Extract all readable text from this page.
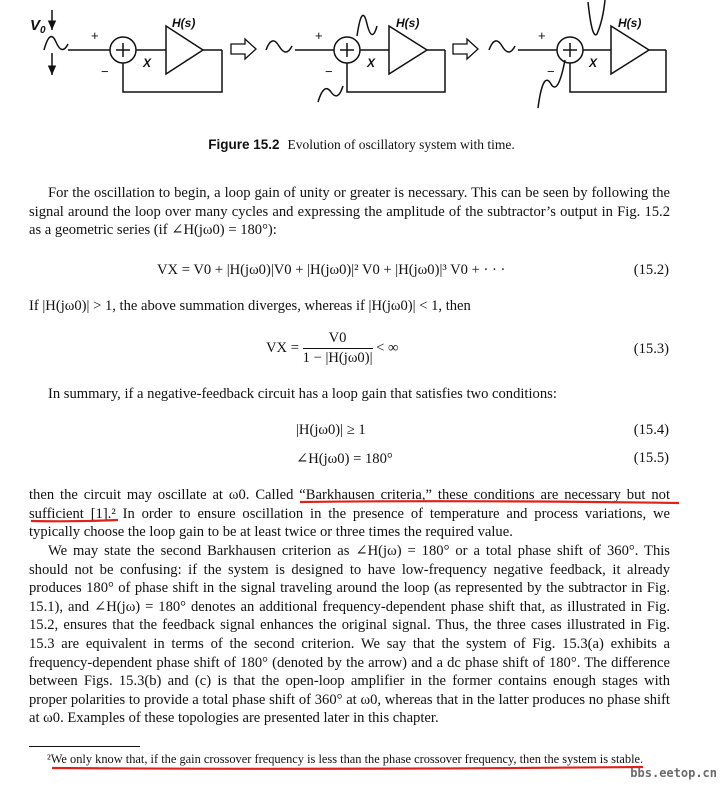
$V_0$	+
−
X
H(s)
+
−
X
H(s)
+
−
X
H(s)
Figure 15.2 Evolution of oscillatory system with time.
For the oscillation to begin, a loop gain of unity or greater is necessary. This can be seen by following the signal around the loop over many cycles and expressing the amplitude of the subtractor’s output in Fig. 15.2 as a geometric series (if ∠H(jω0) = 180°):
VX = V0 + |H(jω0)|V0 + |H(jω0)|² V0 + |H(jω0)|³ V0 + · · ·	(15.2)
If |H(jω0)| > 1, the above summation diverges, whereas if |H(jω0)| < 1, then
VX = $\frac{V0}{1 - |H(j\omega 0)|}$ < ∞	(15.3)
In summary, if a negative-feedback circuit has a loop gain that satisfies two conditions:
|H(jω0)| ≥ 1	(15.4)
∠H(jω0) = 180°	(15.5)
then the circuit may oscillate at ω0. Called “Barkhausen criteria,” these conditions are necessary but not sufficient [1].² In order to ensure oscillation in the presence of temperature and process variations, we typically choose the loop gain to be at least twice or three times the required value.
We may state the second Barkhausen criterion as ∠H(jω) = 180° or a total phase shift of 360°. This should not be confusing: if the system is designed to have low-frequency negative feedback, it already produces 180° of phase shift in the signal traveling around the loop (as represented by the subtractor in Fig. 15.1), and ∠H(jω) = 180° denotes an additional frequency-dependent phase shift that, as illustrated in Fig. 15.2, ensures that the feedback signal enhances the original signal. Thus, the three cases illustrated in Fig. 15.3 are equivalent in terms of the second criterion. We say that the system of Fig. 15.3(a) exhibits a frequency-dependent phase shift of 180° (denoted by the arrow) and a dc phase shift of 180°. The difference between Figs. 15.3(b) and (c) is that the open-loop amplifier in the former contains enough stages with proper polarities to provide a total phase shift of 360° at ω0, whereas that in the latter produces no phase shift at ω0. Examples of these topologies are presented later in this chapter.
²We only know that, if the gain crossover frequency is less than the phase crossover frequency, then the system is stable.
bbs.eetop.cn
